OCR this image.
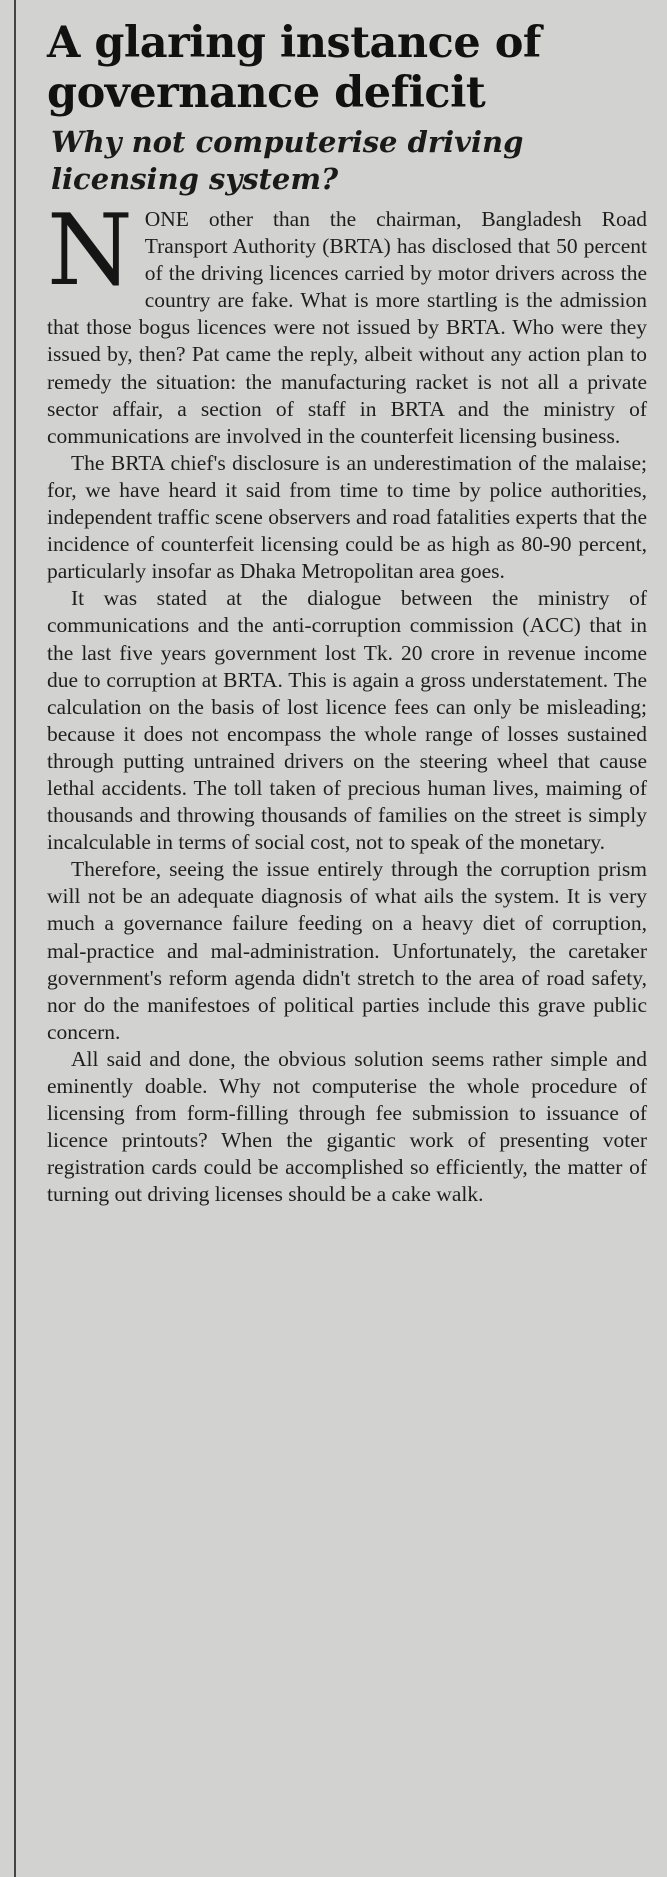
A glaring instance of governance deficit
Why not computerise driving licensing system?

NONE other than the chairman, Bangladesh Road Transport Authority (BRTA) has disclosed that 50 percent of the driving licences carried by motor drivers across the country are fake. What is more startling is the admission that those bogus licences were not issued by BRTA. Who were they issued by, then? Pat came the reply, albeit without any action plan to remedy the situation: the manufacturing racket is not all a private sector affair, a section of staff in BRTA and the ministry of communications are involved in the counterfeit licensing business.

The BRTA chief's disclosure is an underestimation of the malaise; for, we have heard it said from time to time by police authorities, independent traffic scene observers and road fatalities experts that the incidence of counterfeit licensing could be as high as 80-90 percent, particularly insofar as Dhaka Metropolitan area goes.

It was stated at the dialogue between the ministry of communications and the anti-corruption commission (ACC) that in the last five years government lost Tk. 20 crore in revenue income due to corruption at BRTA. This is again a gross understatement. The calculation on the basis of lost licence fees can only be misleading; because it does not encompass the whole range of losses sustained through putting untrained drivers on the steering wheel that cause lethal accidents. The toll taken of precious human lives, maiming of thousands and throwing thousands of families on the street is simply incalculable in terms of social cost, not to speak of the monetary.

Therefore, seeing the issue entirely through the corruption prism will not be an adequate diagnosis of what ails the system. It is very much a governance failure feeding on a heavy diet of corruption, mal-practice and mal-administration. Unfortunately, the caretaker government's reform agenda didn't stretch to the area of road safety, nor do the manifestoes of political parties include this grave public concern.

All said and done, the obvious solution seems rather simple and eminently doable. Why not computerise the whole procedure of licensing from form-filling through fee submission to issuance of licence printouts? When the gigantic work of presenting voter registration cards could be accomplished so efficiently, the matter of turning out driving licenses should be a cake walk.
